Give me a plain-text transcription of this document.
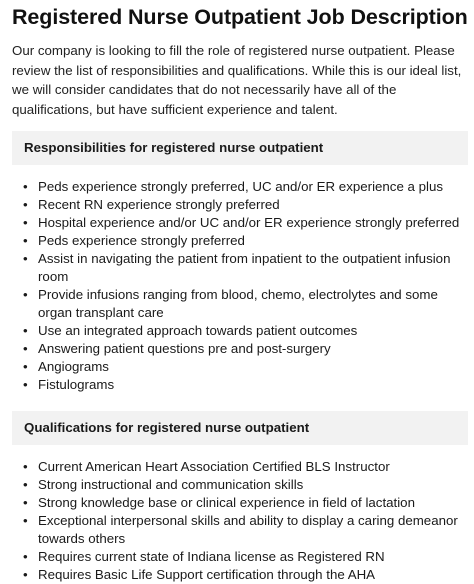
Registered Nurse Outpatient Job Description

Our company is looking to fill the role of registered nurse outpatient. Please review the list of responsibilities and qualifications. While this is our ideal list, we will consider candidates that do not necessarily have all of the qualifications, but have sufficient experience and talent.

Responsibilities for registered nurse outpatient
• Peds experience strongly preferred, UC and/or ER experience a plus
• Recent RN experience strongly preferred
• Hospital experience and/or UC and/or ER experience strongly preferred
• Peds experience strongly preferred
• Assist in navigating the patient from inpatient to the outpatient infusion room
• Provide infusions ranging from blood, chemo, electrolytes and some organ transplant care
• Use an integrated approach towards patient outcomes
• Answering patient questions pre and post-surgery
• Angiograms
• Fistulograms
Qualifications for registered nurse outpatient
• Current American Heart Association Certified BLS Instructor
• Strong instructional and communication skills
• Strong knowledge base or clinical experience in field of lactation
• Exceptional interpersonal skills and ability to display a caring demeanor towards others
• Requires current state of Indiana license as Registered RN
• Requires Basic Life Support certification through the AHA
